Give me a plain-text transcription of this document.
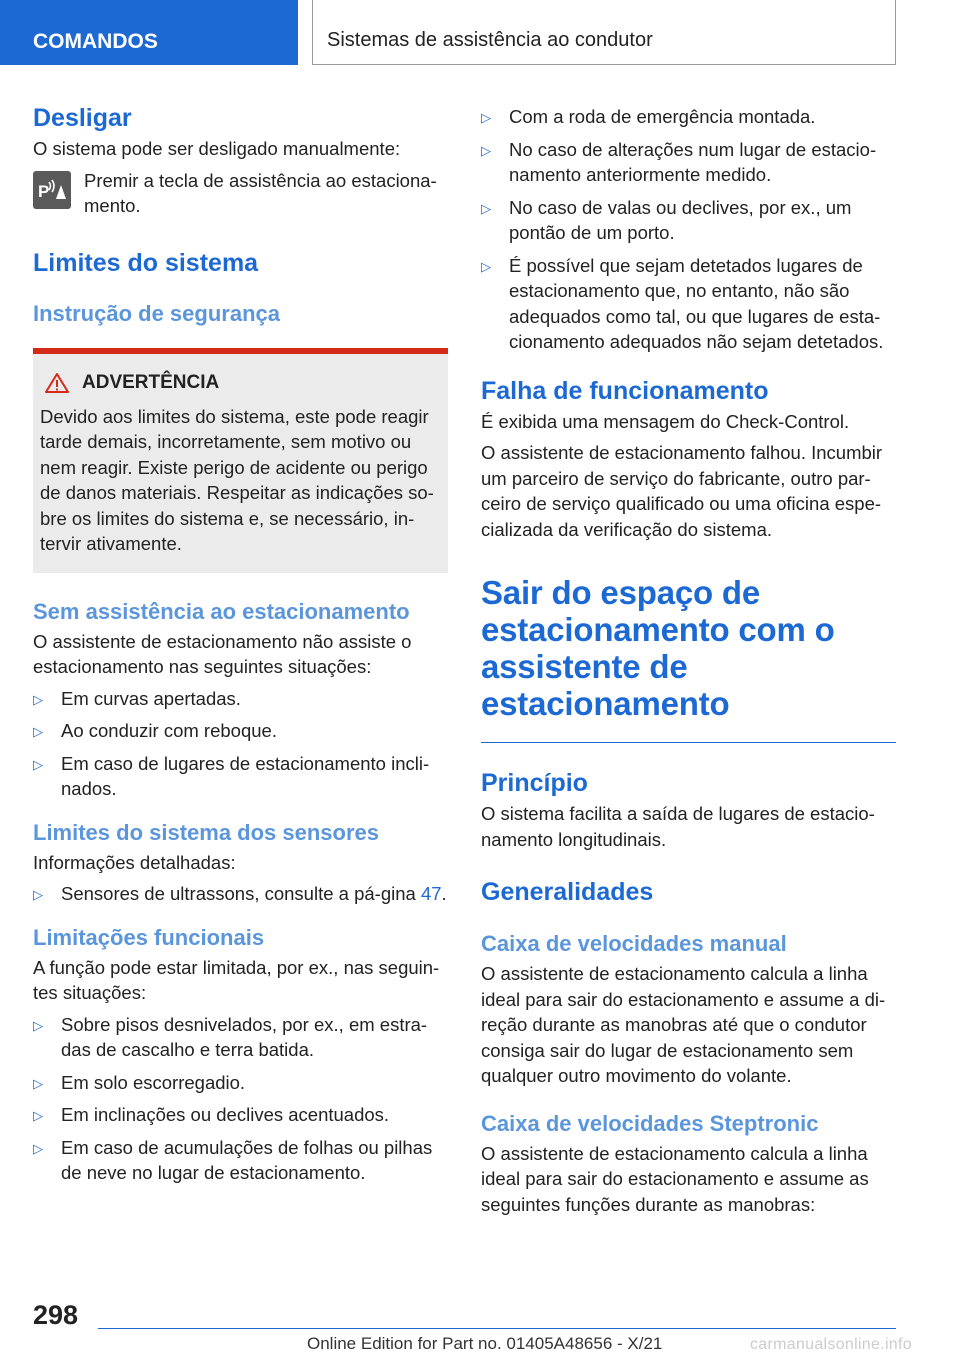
COMANDOS	Sistemas de assistência ao condutor
Desligar

O sistema pode ser desligado manualmente:

P

Premir a tecla de assistência ao estaciona-mento.

Limites do sistema
Instrução de segurança
ADVERTÊNCIA

Devido aos limites do sistema, este pode reagir tarde demais, incorretamente, sem motivo ou nem reagir. Existe perigo de acidente ou perigo de danos materiais. Respeitar as indicações so-bre os limites do sistema e, se necessário, in-tervir ativamente.

Sem assistência ao estacionamento

O assistente de estacionamento não assiste o estacionamento nas seguintes situações:

▷ Em curvas apertadas.
▷ Ao conduzir com reboque.
▷ Em caso de lugares de estacionamento incli-nados.
Limites do sistema dos sensores

Informações detalhadas:

▷ Sensores de ultrassons, consulte a pá-gina 47.
Limitações funcionais

A função pode estar limitada, por ex., nas seguin-tes situações:

▷ Sobre pisos desnivelados, por ex., em estra-das de cascalho e terra batida.
▷ Em solo escorregadio.
▷ Em inclinações ou declives acentuados.
▷ Em caso de acumulações de folhas ou pilhas de neve no lugar de estacionamento.
▷ Com a roda de emergência montada.
▷ No caso de alterações num lugar de estacio-namento anteriormente medido.
▷ No caso de valas ou declives, por ex., um pontão de um porto.
▷ É possível que sejam detetados lugares de estacionamento que, no entanto, não são adequados como tal, ou que lugares de esta-cionamento adequados não sejam detetados.
Falha de funcionamento

É exibida uma mensagem do Check-Control.

O assistente de estacionamento falhou. Incumbir um parceiro de serviço do fabricante, outro par-ceiro de serviço qualificado ou uma oficina espe-cializada da verificação do sistema.

Sair do espaço de estacionamento com o assistente de estacionamento
Princípio

O sistema facilita a saída de lugares de estacio-namento longitudinais.

Generalidades
Caixa de velocidades manual

O assistente de estacionamento calcula a linha ideal para sair do estacionamento e assume a di-reção durante as manobras até que o condutor consiga sair do lugar de estacionamento sem qualquer outro movimento do volante.

Caixa de velocidades Steptronic

O assistente de estacionamento calcula a linha ideal para sair do estacionamento e assume as seguintes funções durante as manobras:

298
Online Edition for Part no. 01405A48656 - X/21	carmanualsonline.info
